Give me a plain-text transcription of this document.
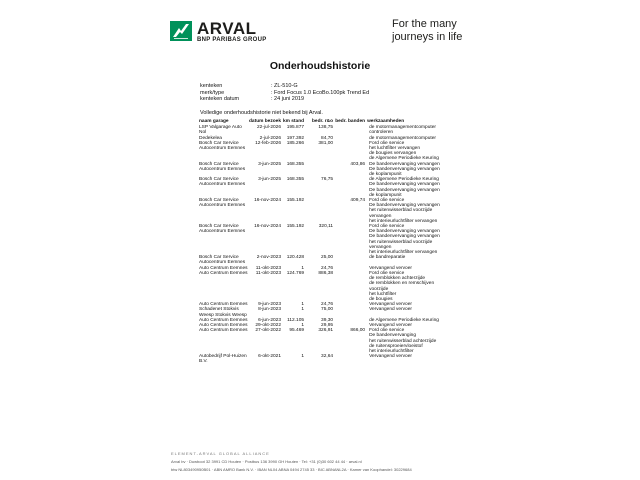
ARVAL
BNP PARIBAS GROUP
For the many
journeys in life
Onderhoudshistorie
kenteken	: ZL-510-G
merk/type	: Ford Focus 1.0 EcoBo.100pk Trend Ed
kenteken datum	: 24 juni 2019
Volledige onderhoudshistorie niet bekend bij Arval.
naam garage	datum bezoek	km stand	bedr. r&o	bedr. banden	werkzaamheden
LSP Valgarage Auto Nol	22-jul-2026	195.877	138,75		de motormanagementcomputer controleren
Dedekelea	2-jul-2026	197.392	84,70		de motormanagementcomputer
Bosch Car Service Autocentrum Eemnes	12-feb-2026	185.266	381,00		Ford olie service
het luchtfilter vervangen
de bougies vervangen
de Algemene Periodieke Keuring
Bosch Car Service Autocentrum Eemnes	3-jun-2025	168.355		403,86	De bandenvervanging vervangen
De bandenvervanging vervangen
de koplampunit
Bosch Car Service Autocentrum Eemnes	3-jun-2025	168.355	76,75		de Algemene Periodieke Keuring
De bandenvervanging vervangen
De bandenvervanging vervangen
de koplampunit
Bosch Car Service Autocentrum Eemnes	16-nov-2024	155.192		409,74	Ford olie service
De bandenvervanging vervangen
het ruitenwisserblad voorzijde vervangen
het interieurluchtfilter vervangen
Bosch Car Service Autocentrum Eemnes	16-nov-2024	155.192	320,11		Ford olie service
De bandenvervanging vervangen
De bandenvervanging vervangen
het ruitenwisserblad voorzijde vervangen
het interieurluchtfilter vervangen
Bosch Car Service Autocentrum Eemnes	2-nov-2023	120.428	25,00		de bandreparatie
Auto Centrum Eemnes	11-okt-2023	1	24,76		Vervangend vervoer
Auto Centrum Eemnes	11-okt-2023	124.769	886,38		Ford olie service
de remblokken achterzijde
de remblokken en remschijven voorzijde
het luchtfilter
de bougies
Auto Centrum Eemnes	9-jun-2023	1	24,76		Vervangend vervoer
Schadenet Stokvis Weesp Stokvis Weesp	8-jun-2023	1	75,00		Vervangend vervoer
Auto Centrum Eemnes	6-jun-2023	112.105	39,30		de Algemene Periodieke Keuring
Auto Centrum Eemnes	29-okt-2022	1	29,95		Vervangend vervoer
Auto Centrum Eemnes	27-okt-2022	95.469	326,91	866,00	Ford olie service
De bandenvervanging
het ruitenwisserblad achterzijde
de ruitensproeiervloeistof
het interieurluchtfilter
Autobedrijf Pol-Huizen B.V.	6-okt-2021	1	32,64		Vervangend vervoer
ELEMENT-ARVAL GLOBAL ALLIANCE
Arval bv · Duwboot 32 3991 CD Houten · Postbus 136 3990 GH Houten · Tel: +31 (0)30 602 44 44 · arval.nl
btw NL803490950B01 · ABN AMRO Bank N.V. · IBAN NL04 ABNA 0494 2745 33 · BIC ABNANL2A · Kamer van Koophandel: 30229684
